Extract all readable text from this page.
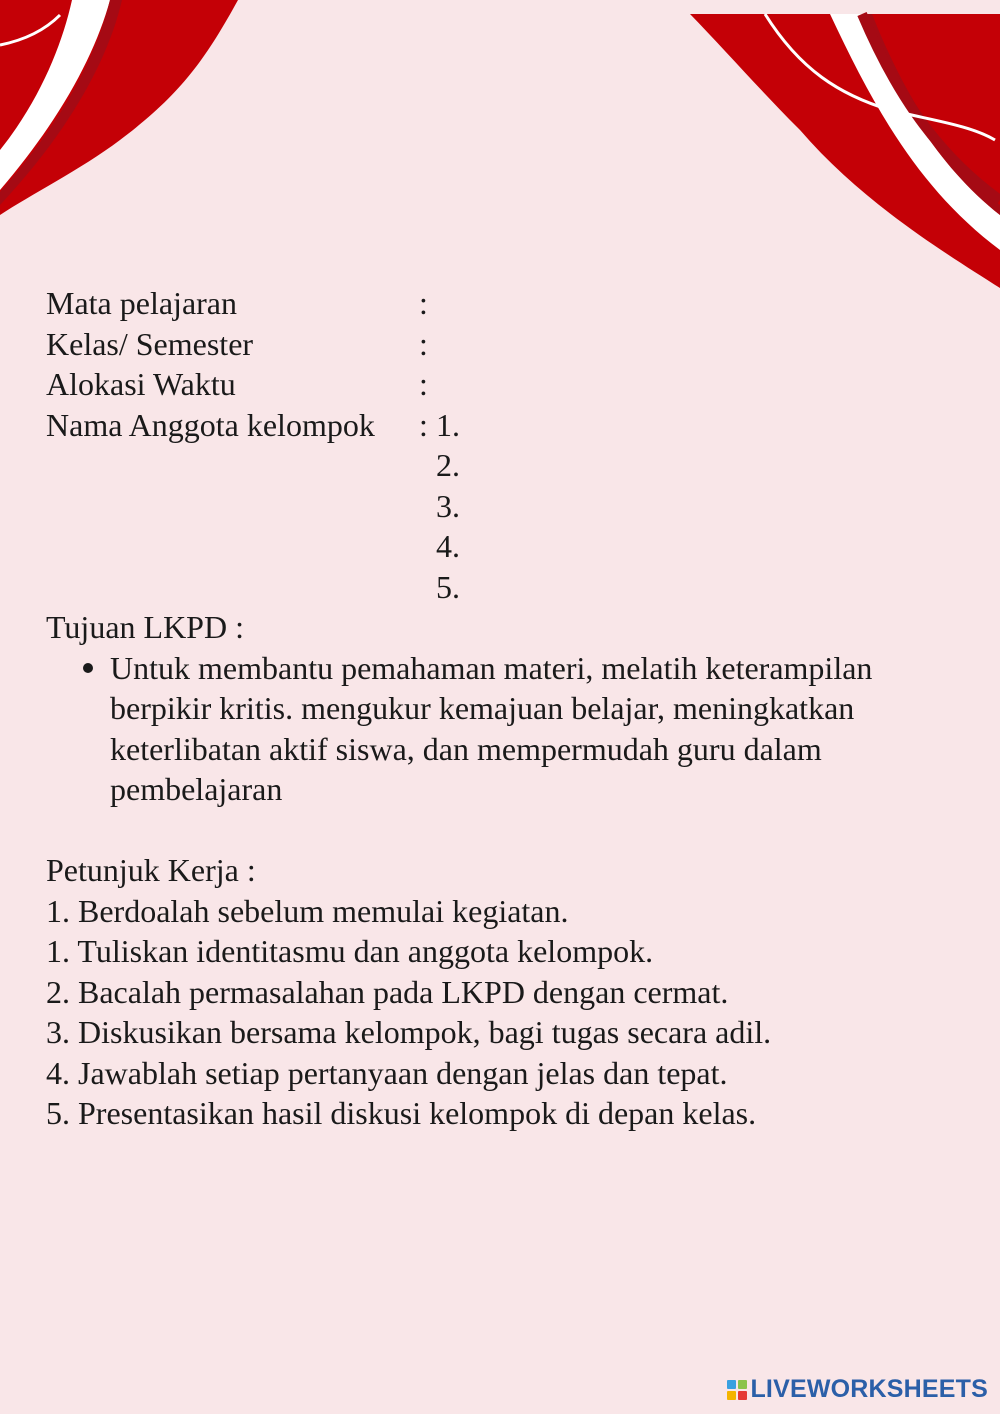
Mata pelajaran	:
Kelas/ Semester	:
Alokasi Waktu	:
Nama Anggota kelompok : 1.
2.
3.
4.
5.
Tujuan LKPD :
Untuk membantu pemahaman materi, melatih keterampilan berpikir kritis. mengukur kemajuan belajar, meningkatkan keterlibatan aktif siswa, dan mempermudah guru dalam pembelajaran
Petunjuk Kerja :
1. Berdoalah sebelum memulai kegiatan.
1. Tuliskan identitasmu dan anggota kelompok.
2. Bacalah permasalahan pada LKPD dengan cermat.
3. Diskusikan bersama kelompok, bagi tugas secara adil.
4. Jawablah setiap pertanyaan dengan jelas dan tepat.
5. Presentasikan hasil diskusi kelompok di depan kelas.
LIVEWORKSHEETS
